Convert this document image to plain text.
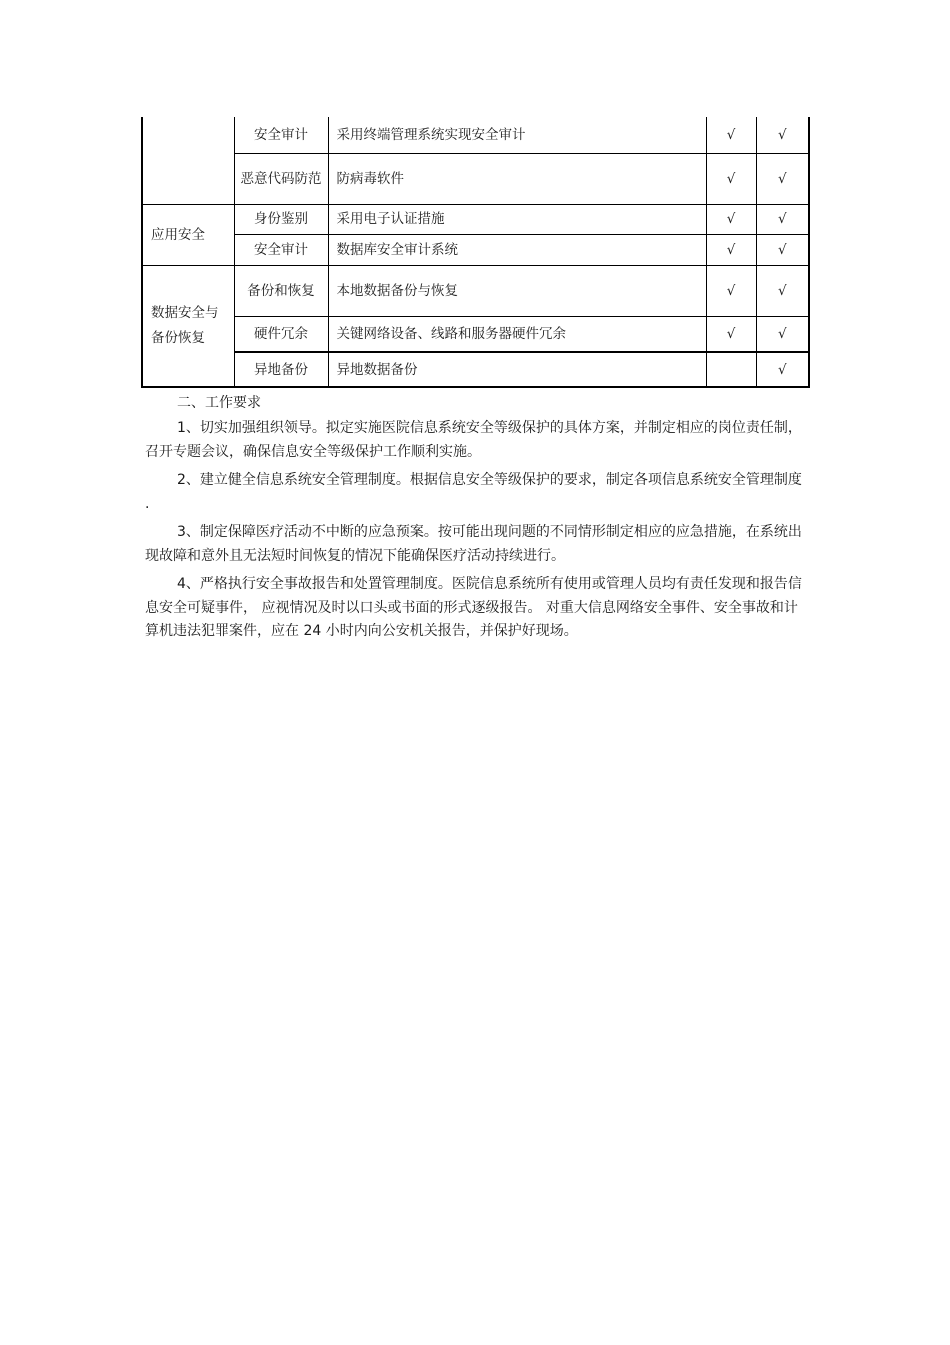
	安全审计	采用终端管理系统实现安全审计	√	√
	恶意代码防范	防病毒软件	√	√
应用安全	身份鉴别	采用电子认证措施	√	√
	安全审计	数据库安全审计系统	√	√

数据安全与备份恢复	备份和恢复	本地数据备份与恢复	√	√
	硬件冗余	关键网络设备、线路和服务器硬件冗余	√	√
	异地备份	异地数据备份		√
二、工作要求

1、切实加强组织领导。拟定实施医院信息系统安全等级保护的具体方案，并制定相应的岗位责任制，召开专题会议，确保信息安全等级保护工作顺利实施。

2、建立健全信息系统安全管理制度。根据信息安全等级保护的要求，制定各项信息系统安全管理制度 .

3、制定保障医疗活动不中断的应急预案。按可能出现问题的不同情形制定相应的应急措施，在系统出现故障和意外且无法短时间恢复的情况下能确保医疗活动持续进行。

4、严格执行安全事故报告和处置管理制度。医院信息系统所有使用或管理人员均有责任发现和报告信息安全可疑事件， 应视情况及时以口头或书面的形式逐级报告。 对重大信息网络安全事件、安全事故和计算机违法犯罪案件，应在 24 小时内向公安机关报告，并保护好现场。
